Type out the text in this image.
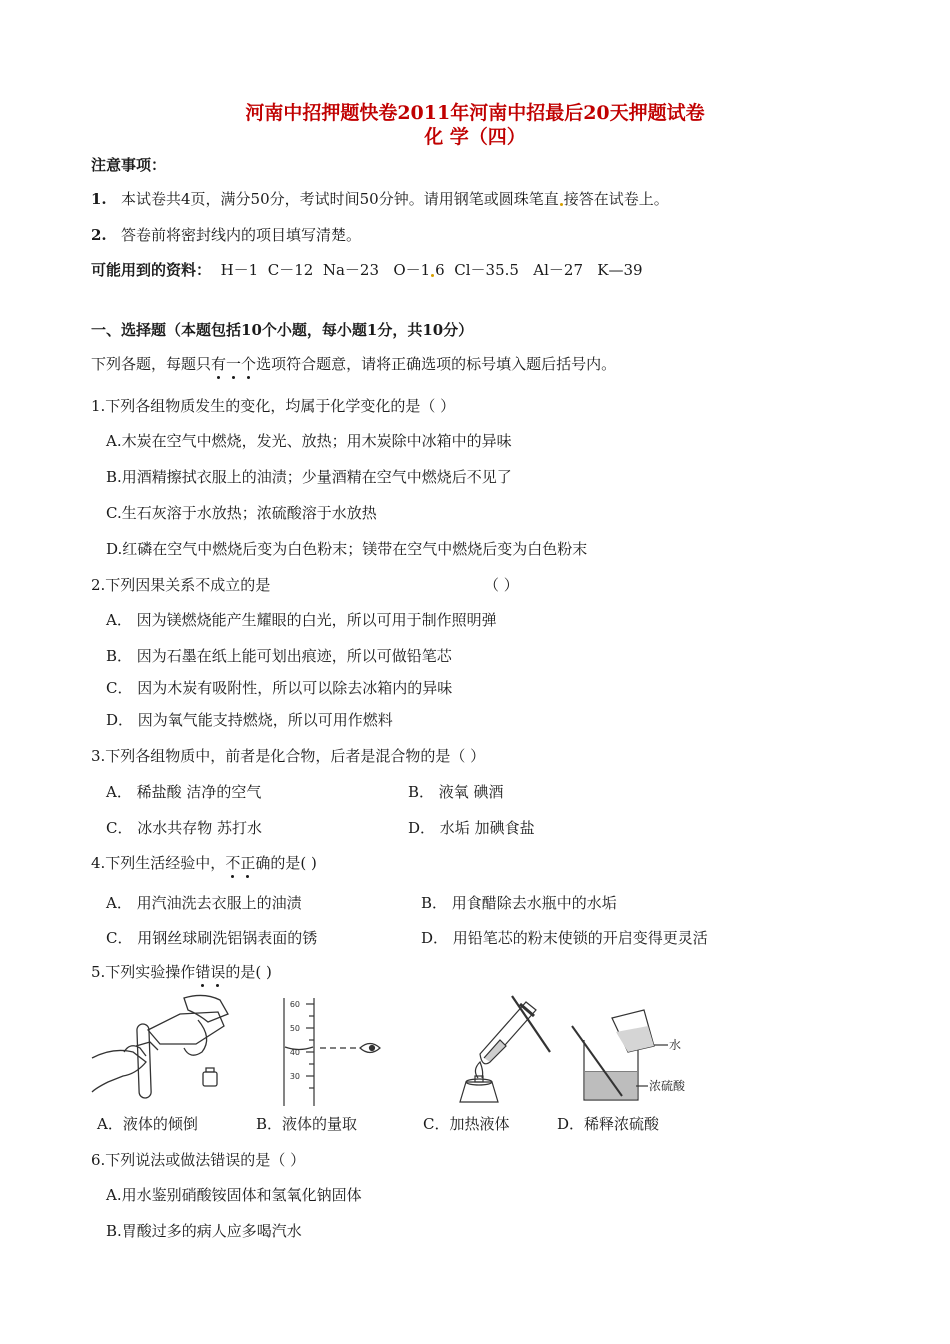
河南中招押题快卷2011年河南中招最后20天押题试卷
化 学（四）
注意事项：
1. 本试卷共4页，满分50分，考试时间50分钟。请用钢笔或圆珠笔直 接答在试卷上。
2. 答卷前将密封线内的项目填写清楚。
可能用到的资料： H－1 C－12 Na－23 O－1 6 Cl－35.5 Al－27 K—39
一、选择题（本题包括10个小题，每小题1分，共10分）
下列各题，每题只有一个选项符合题意，请将正确选项的标号填入题后括号内。
1.下列各组物质发生的变化，均属于化学变化的是（ ）
A.木炭在空气中燃烧，发光、放热；用木炭除中冰箱中的异味
B.用酒精擦拭衣服上的油渍；少量酒精在空气中燃烧后不见了
C.生石灰溶于水放热；浓硫酸溶于水放热
D.红磷在空气中燃烧后变为白色粉末；镁带在空气中燃烧后变为白色粉末
2.下列因果关系不成立的是	（ ）
A． 因为镁燃烧能产生耀眼的白光，所以可用于制作照明弹
B． 因为石墨在纸上能可划出痕迹，所以可做铅笔芯
C． 因为木炭有吸附性，所以可以除去冰箱内的异味
D． 因为氧气能支持燃烧，所以可用作燃料
3.下列各组物质中，前者是化合物，后者是混合物的是（ ）
A． 稀盐酸 洁净的空气	B． 液氧 碘酒
C． 冰水共存物 苏打水	D． 水垢 加碘食盐
4.下列生活经验中，不正确的是( )
A． 用汽油洗去衣服上的油渍	B． 用食醋除去水瓶中的水垢
C． 用钢丝球刷洗铝锅表面的锈	D． 用铅笔芯的粉末使锁的开启变得更灵活
5.下列实验操作错误的是( )
60
50
40
30
水
浓硫酸
A．液体的倾倒	B．液体的量取	C．加热液体	D．稀释浓硫酸
6.下列说法或做法错误的是（ ）
A.用水鉴别硝酸铵固体和氢氧化钠固体
B.胃酸过多的病人应多喝汽水
